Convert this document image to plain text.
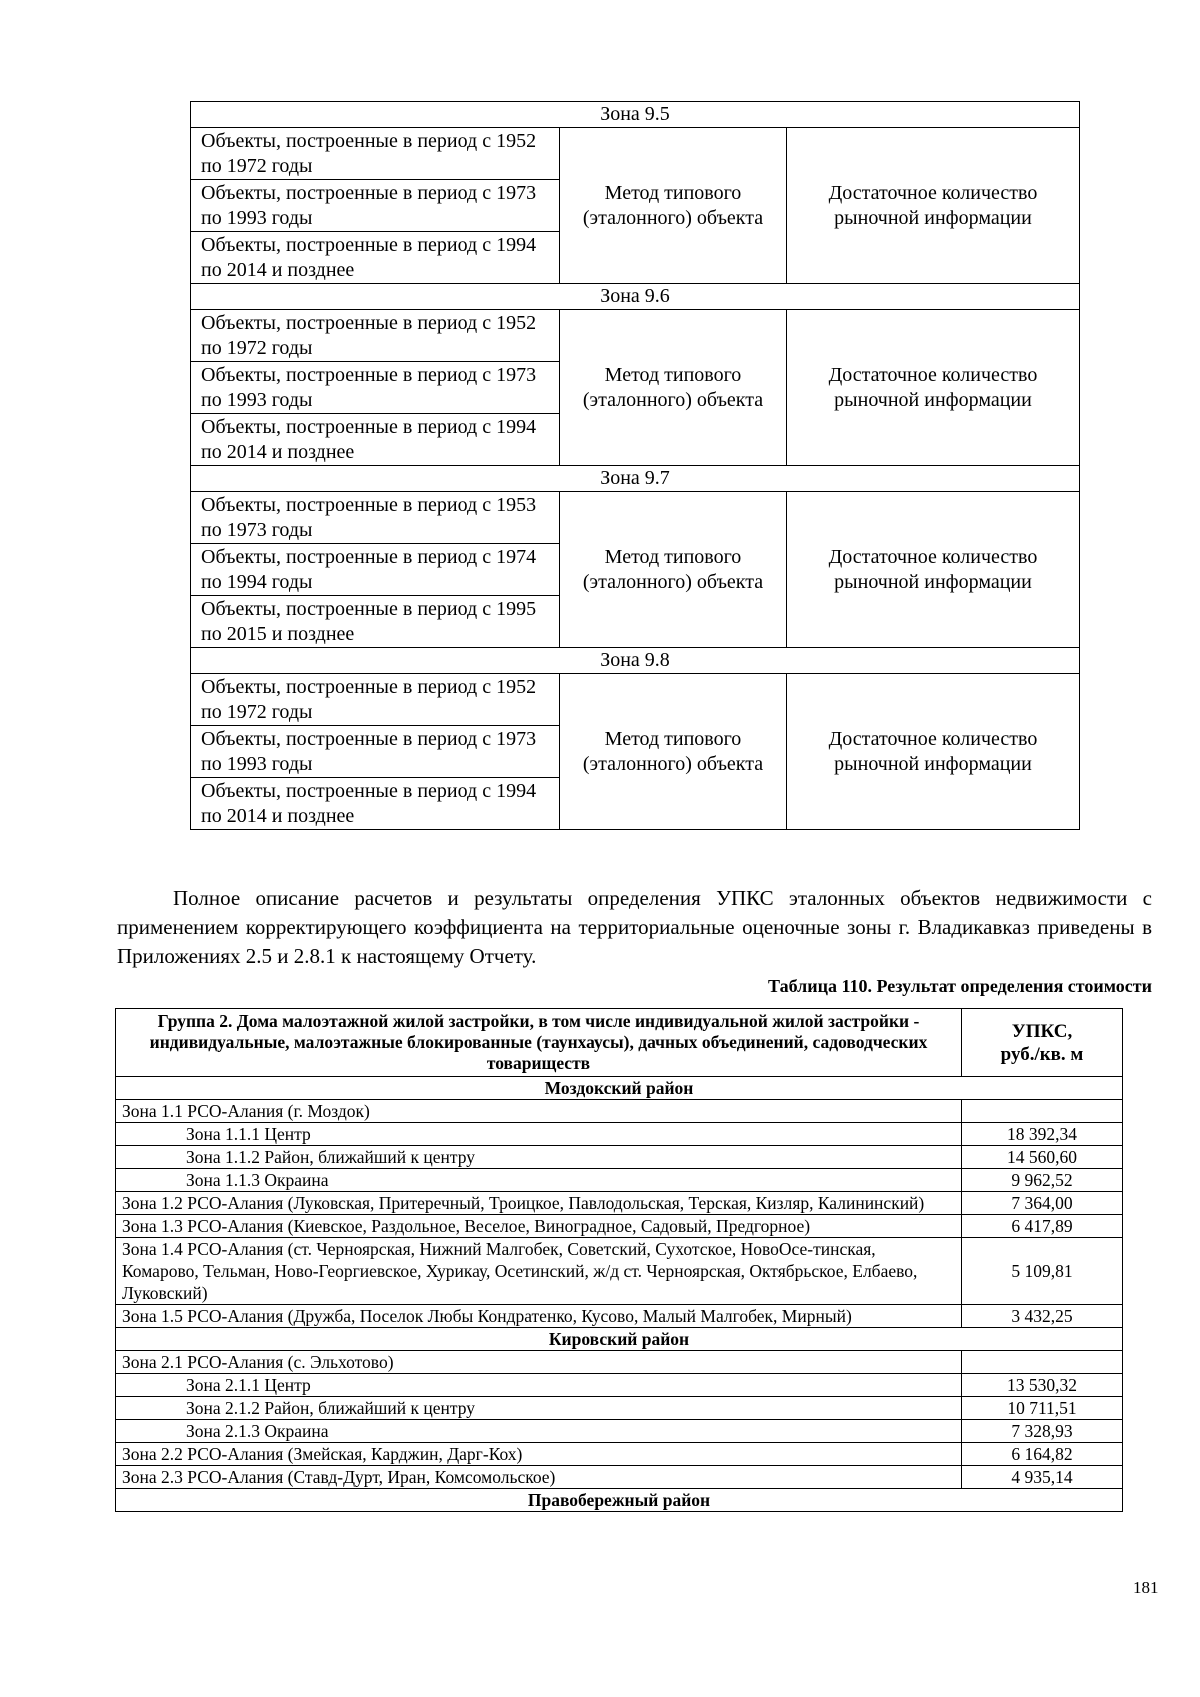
Зона 9.5		
Объекты, построенные в период с 1952 по 1972 годы	Метод типового (эталонного) объекта	Достаточное количество рыночной информации
Объекты, построенные в период с 1973 по 1993 годы		
Объекты, построенные в период с 1994 по 2014 и позднее		
Зона 9.6		
Объекты, построенные в период с 1952 по 1972 годы	Метод типового (эталонного) объекта	Достаточное количество рыночной информации
Объекты, построенные в период с 1973 по 1993 годы		
Объекты, построенные в период с 1994 по 2014 и позднее		
Зона 9.7		
Объекты, построенные в период с 1953 по 1973 годы	Метод типового (эталонного) объекта	Достаточное количество рыночной информации
Объекты, построенные в период с 1974 по 1994 годы		
Объекты, построенные в период с 1995 по 2015 и позднее		
Зона 9.8		
Объекты, построенные в период с 1952 по 1972 годы	Метод типового (эталонного) объекта	Достаточное количество рыночной информации
Объекты, построенные в период с 1973 по 1993 годы		
Объекты, построенные в период с 1994 по 2014 и позднее		

Полное описание расчетов и результаты определения УПКС эталонных объектов недвижимости с применением корректирующего коэффициента на территориальные оценочные зоны г. Владикавказ приведены в Приложениях 2.5 и 2.8.1 к настоящему Отчету.

Таблица 110. Результат определения стоимости
Группа 2. Дома малоэтажной жилой застройки, в том числе индивидуальной жилой застройки - индивидуальные, малоэтажные блокированные (таунхаусы), дачных объединений, садоводческих товариществ	УПКС,
руб./кв. м

Моздокский район	
Зона 1.1 РСО-Алания (г. Моздок)	
Зона 1.1.1 Центр	18 392,34
Зона 1.1.2 Район, ближайший к центру	14 560,60
Зона 1.1.3 Окраина	9 962,52
Зона 1.2 РСО-Алания (Луковская, Притеречный, Троицкое, Павлодольская, Терская, Кизляр, Калининский)	7 364,00
Зона 1.3 РСО-Алания (Киевское, Раздольное, Веселое, Виноградное, Садовый, Предгорное)	6 417,89
Зона 1.4 РСО-Алания (ст. Черноярская, Нижний Малгобек, Советский, Сухотское, НовоОсе-тинская, Комарово, Тельман, Ново-Георгиевское, Хурикау, Осетинский, ж/д ст. Черноярская, Октябрьское, Елбаево, Луковский)	5 109,81
Зона 1.5 РСО-Алания (Дружба, Поселок Любы Кондратенко, Кусово, Малый Малгобек, Мирный)	3 432,25
Кировский район	
Зона 2.1 РСО-Алания (с. Эльхотово)	
Зона 2.1.1 Центр	13 530,32
Зона 2.1.2 Район, ближайший к центру	10 711,51
Зона 2.1.3 Окраина	7 328,93
Зона 2.2 РСО-Алания (Змейская, Карджин, Дарг-Кох)	6 164,82
Зона 2.3 РСО-Алания (Ставд-Дурт, Иран, Комсомольское)	4 935,14
Правобережный район	
181
